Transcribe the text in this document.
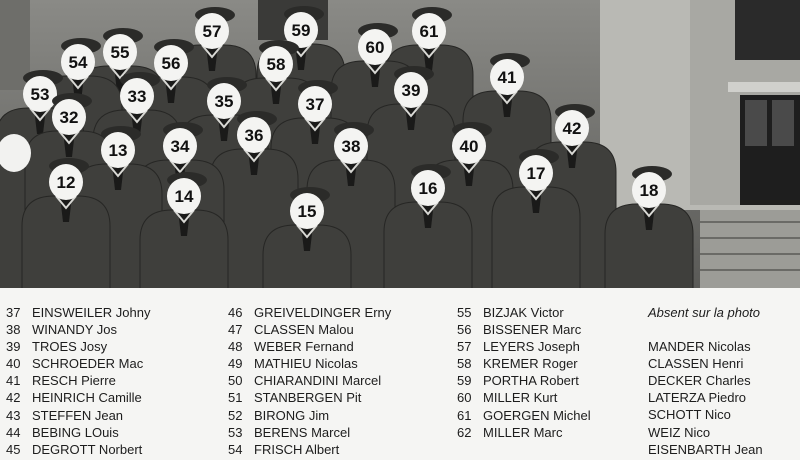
59
57	61
60
55
54	56	58
41
39
53	33	35	37
32
42
36
34	38	40
13
17
12	16	18
14
15
37 EINSWEILER Johny
38 WINANDY Jos
39 TROES Josy
40 SCHROEDER Mac
41 RESCH Pierre
42 HEINRICH Camille
43 STEFFEN Jean
44 BEBING LOuis
45 DEGROTT Norbert
46 GREIVELDINGER Erny
47 CLASSEN Malou
48 WEBER Fernand
49 MATHIEU Nicolas
50 CHIARANDINI Marcel
51 STANBERGEN Pit
52 BIRONG Jim
53 BERENS Marcel
54 FRISCH Albert
55 BIZJAK Victor
56 BISSENER Marc
57 LEYERS Joseph
58 KREMER Roger
59 PORTHA Robert
60 MILLER Kurt
61 GOERGEN Michel
62 MILLER Marc
Absent sur la photo
MANDER Nicolas
CLASSEN Henri
DECKER Charles
LATERZA Piedro
SCHOTT Nico
WEIZ Nico
EISENBARTH Jean
